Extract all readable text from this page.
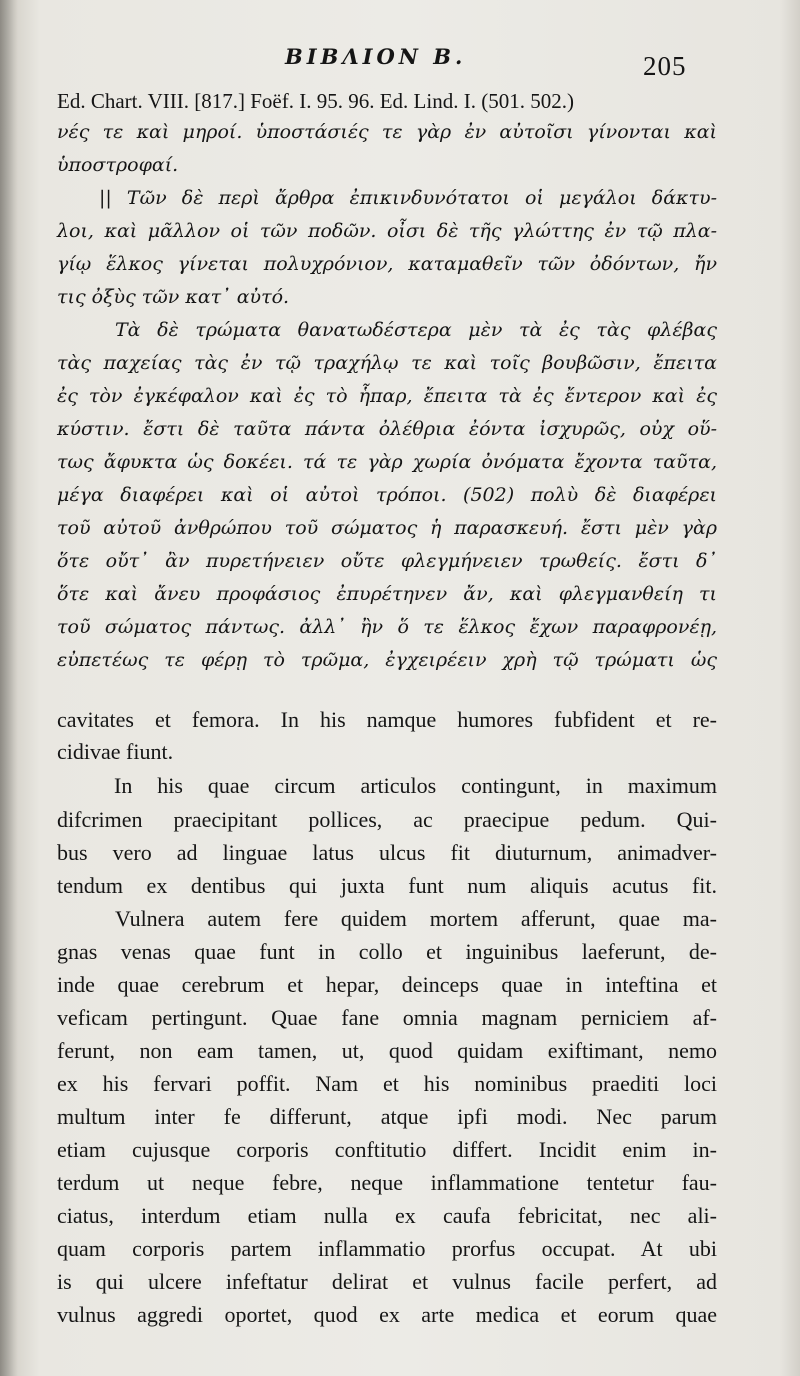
ΒΙΒΛΙΟΝ Β.	205
Ed. Chart. VIII. [817.] Foëf. I. 95. 96. Ed. Lind. I. (501. 502.)
νές τε καὶ μηροί. ὑποστάσιές τε γὰρ ἐν αὐτοῖσι γίνονται καὶ
ὑποστροφαί.
|| Τῶν δὲ περὶ ἄρθρα ἐπικινδυνότατοι οἱ μεγάλοι δάκτυ-
λοι, καὶ μᾶλλον οἱ τῶν ποδῶν. οἶσι δὲ τῆς γλώττης ἐν τῷ πλα-
γίῳ ἕλκος γίνεται πολυχρόνιον, καταμαθεῖν τῶν ὀδόντων, ἤν
τις ὀξὺς τῶν κατ᾽ αὐτό.
Τὰ δὲ τρώματα θανατωδέστερα μὲν τὰ ἐς τὰς φλέβας
τὰς παχείας τὰς ἐν τῷ τραχήλῳ τε καὶ τοῖς βουβῶσιν, ἔπειτα
ἐς τὸν ἐγκέφαλον καὶ ἐς τὸ ἧπαρ, ἔπειτα τὰ ἐς ἔντερον καὶ ἐς
κύστιν. ἔστι δὲ ταῦτα πάντα ὀλέθρια ἐόντα ἰσχυρῶς, οὐχ οὕ-
τως ἄφυκτα ὡς δοκέει. τά τε γὰρ χωρία ὀνόματα ἔχοντα ταῦτα,
μέγα διαφέρει καὶ οἱ αὐτοὶ τρόποι. (502) πολὺ δὲ διαφέρει
τοῦ αὐτοῦ ἀνθρώπου τοῦ σώματος ἡ παρασκευή. ἔστι μὲν γὰρ
ὅτε οὔτ᾽ ἂν πυρετήνειεν οὔτε φλεγμήνειεν τρωθείς. ἔστι δ᾽
ὅτε καὶ ἄνευ προφάσιος ἐπυρέτηνεν ἄν, καὶ φλεγμανθείη τι
τοῦ σώματος πάντως. ἀλλ᾽ ἢν ὅ τε ἕλκος ἔχων παραφρονέῃ,
εὐπετέως τε φέρῃ τὸ τρῶμα, ἐγχειρέειν χρὴ τῷ τρώματι ὡς
cavitates et femora. In his namque humores fubfident et re-
cidivae fiunt.
In his quae circum articulos contingunt, in maximum
difcrimen praecipitant pollices, ac praecipue pedum. Qui-
bus vero ad linguae latus ulcus fit diuturnum, animadver-
tendum ex dentibus qui juxta funt num aliquis acutus fit.
Vulnera autem fere quidem mortem afferunt, quae ma-
gnas venas quae funt in collo et inguinibus laeferunt, de-
inde quae cerebrum et hepar, deinceps quae in inteftina et
veficam pertingunt. Quae fane omnia magnam perniciem af-
ferunt, non eam tamen, ut, quod quidam exiftimant, nemo
ex his fervari poffit. Nam et his nominibus praediti loci
multum inter fe differunt, atque ipfi modi. Nec parum
etiam cujusque corporis conftitutio differt. Incidit enim in-
terdum ut neque febre, neque inflammatione tentetur fau-
ciatus, interdum etiam nulla ex caufa febricitat, nec ali-
quam corporis partem inflammatio prorfus occupat. At ubi
is qui ulcere infeftatur delirat et vulnus facile perfert, ad
vulnus aggredi oportet, quod ex arte medica et eorum quae
